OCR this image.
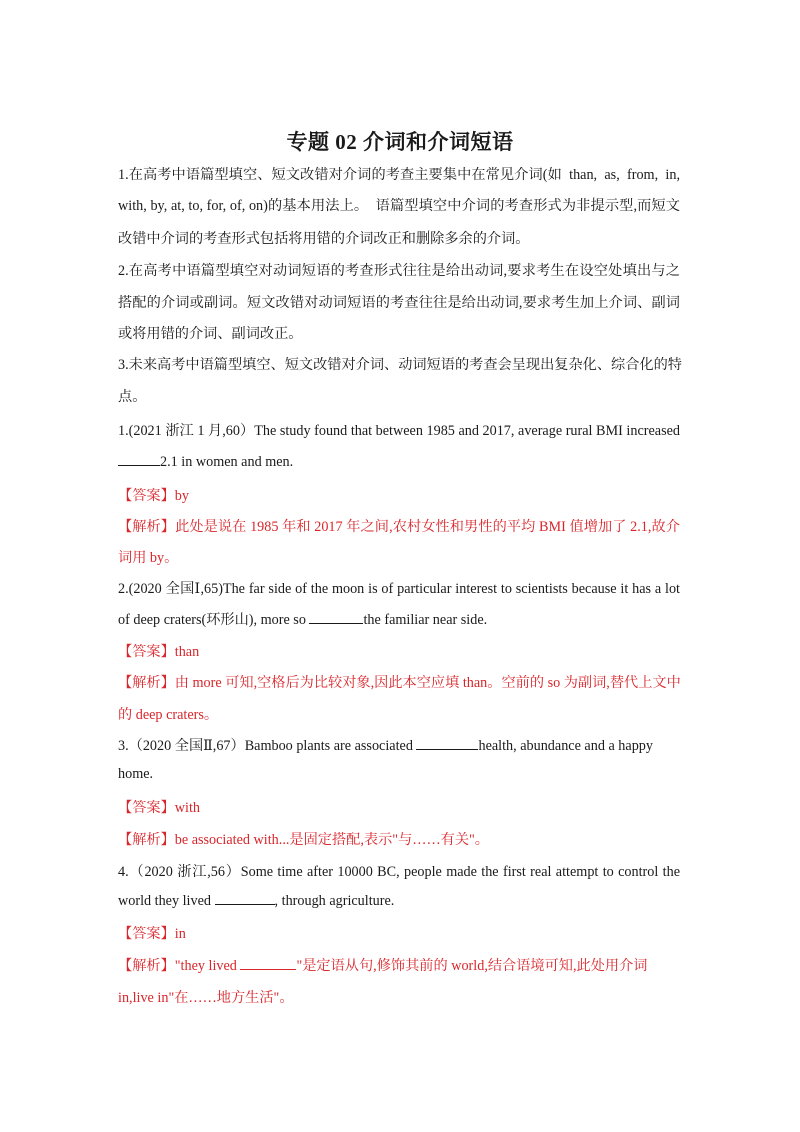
专题 02 介词和介词短语
1.在高考中语篇型填空、短文改错对介词的考查主要集中在常见介词(如  than,  as,  from,  in,
with, by, at, to, for, of, on)的基本用法上。  语篇型填空中介词的考查形式为非提示型,而短文
改错中介词的考查形式包括将用错的介词改正和删除多余的介词。
2.在高考中语篇型填空对动词短语的考查形式往往是给出动词,要求考生在设空处填出与之
搭配的介词或副词。短文改错对动词短语的考查往往是给出动词,要求考生加上介词、副词
或将用错的介词、副词改正。
3.未来高考中语篇型填空、短文改错对介词、动词短语的考查会呈现出复杂化、综合化的特
点。
1.(2021 浙江 1 月,60）The study found that between 1985 and 2017, average rural BMI increased
2.1 in women and men.
【答案】by
【解析】此处是说在 1985 年和 2017 年之间,农村女性和男性的平均 BMI 值增加了 2.1,故介
词用 by。
2.(2020 全国Ⅰ,65)The far side of the moon is of particular interest to scientists because it has a lot
of deep craters(环形山), more so	the familiar near side.
【答案】than
【解析】由 more 可知,空格后为比较对象,因此本空应填 than。空前的 so 为副词,替代上文中
的 deep craters。
3.（2020 全国Ⅱ,67）Bamboo plants are associated	health, abundance and a happy
home.
【答案】with
【解析】be associated with...是固定搭配,表示"与……有关"。
4.（2020 浙江,56）Some time after 10000 BC, people made the first real attempt to control the
world they lived	, through agriculture.
【答案】in
【解析】"they lived	"是定语从句,修饰其前的 world,结合语境可知,此处用介词
in,live in"在……地方生活"。
